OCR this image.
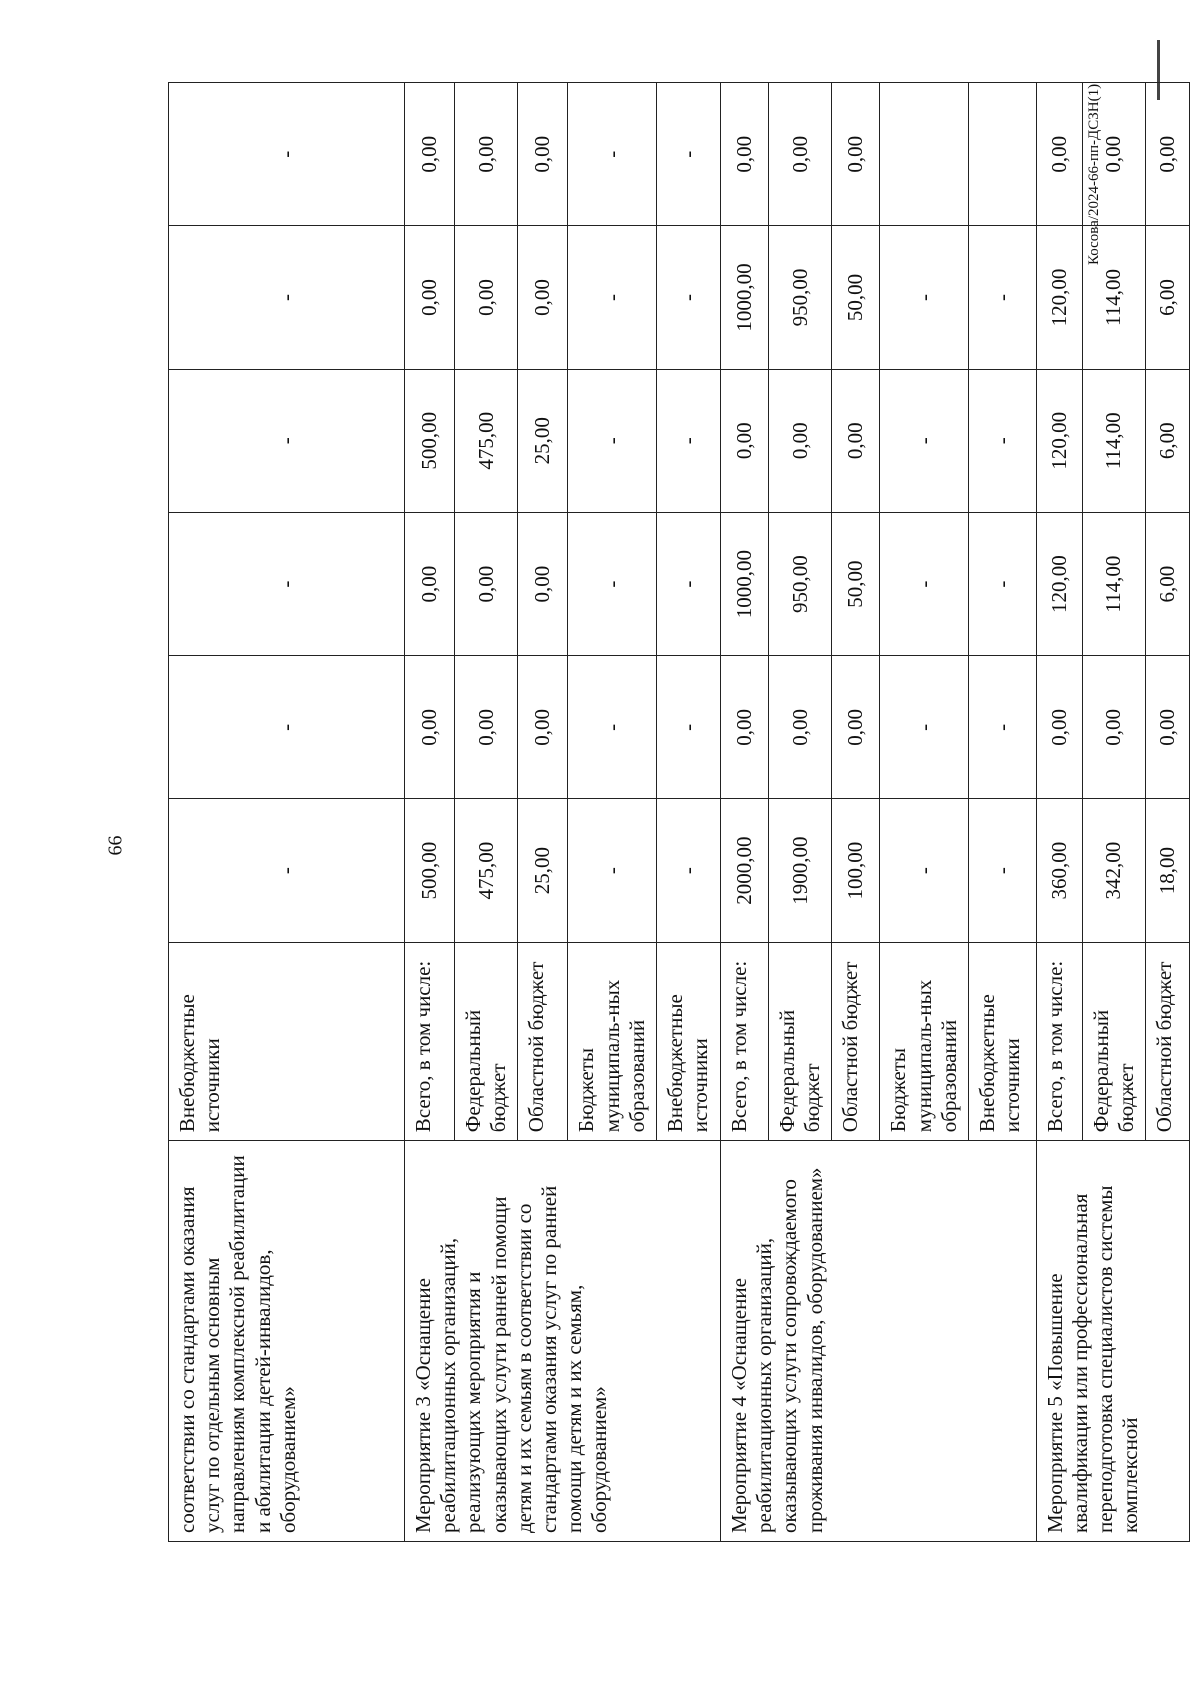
66
Косова/2024-66-пп-ДСЗН(1)
соответствии со стандартами оказания услуг по отдельным основным направлениям комплексной реабилитации и абилитации детей-инвалидов, оборудованием»	Внебюджетные источники	-	-	-	-	-	-
Мероприятие 3 «Оснащение реабилитационных организаций, реализующих мероприятия и оказывающих услуги ранней помощи детям и их семьям в соответствии со стандартами оказания услуг по ранней помощи детям и их семьям, оборудованием»	Всего, в том числе:	500,00	0,00	0,00	500,00	0,00	0,00
	Федеральный бюджет	475,00	0,00	0,00	475,00	0,00	0,00
	Областной бюджет	25,00	0,00	0,00	25,00	0,00	0,00
	Бюджеты муниципаль-ных образований	-	-	-	-	-	-
	Внебюджетные источники	-	-	-	-	-	-
Мероприятие 4 «Оснащение реабилитационных организаций, оказывающих услуги сопровождаемого проживания инвалидов, оборудованием»	Всего, в том числе:	2000,00	0,00	1000,00	0,00	1000,00	0,00
	Федеральный бюджет	1900,00	0,00	950,00	0,00	950,00	0,00
	Областной бюджет	100,00	0,00	50,00	0,00	50,00	0,00
	Бюджеты муниципаль-ных образований	-	-	-	-	-	
	Внебюджетные источники	-	-	-	-	-	
Мероприятие 5 «Повышение квалификации или профессиональная переподготовка специалистов системы комплексной	Всего, в том числе:	360,00	0,00	120,00	120,00	120,00	0,00
	Федеральный бюджет	342,00	0,00	114,00	114,00	114,00	0,00
	Областной бюджет	18,00	0,00	6,00	6,00	6,00	0,00
